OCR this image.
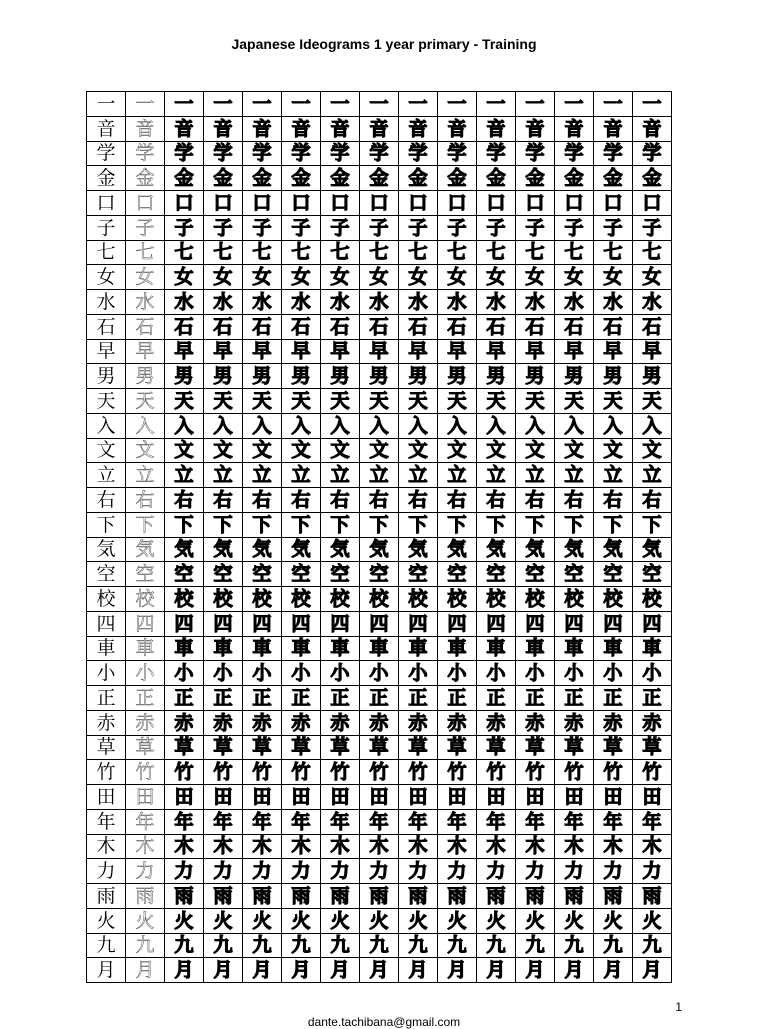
Japanese Ideograms 1 year primary - Training
一	一	一	一	一	一	一	一	一	一	一	一	一	一	一
音	音	音	音	音	音	音	音	音	音	音	音	音	音	音
学	学	学	学	学	学	学	学	学	学	学	学	学	学	学
金	金	金	金	金	金	金	金	金	金	金	金	金	金	金
口	口	口	口	口	口	口	口	口	口	口	口	口	口	口
子	子	子	子	子	子	子	子	子	子	子	子	子	子	子
七	七	七	七	七	七	七	七	七	七	七	七	七	七	七
女	女	女	女	女	女	女	女	女	女	女	女	女	女	女
水	水	水	水	水	水	水	水	水	水	水	水	水	水	水
石	石	石	石	石	石	石	石	石	石	石	石	石	石	石
早	早	早	早	早	早	早	早	早	早	早	早	早	早	早
男	男	男	男	男	男	男	男	男	男	男	男	男	男	男
天	天	天	天	天	天	天	天	天	天	天	天	天	天	天
入	入	入	入	入	入	入	入	入	入	入	入	入	入	入
文	文	文	文	文	文	文	文	文	文	文	文	文	文	文
立	立	立	立	立	立	立	立	立	立	立	立	立	立	立
右	右	右	右	右	右	右	右	右	右	右	右	右	右	右
下	下	下	下	下	下	下	下	下	下	下	下	下	下	下
気	気	気	気	気	気	気	気	気	気	気	気	気	気	気
空	空	空	空	空	空	空	空	空	空	空	空	空	空	空
校	校	校	校	校	校	校	校	校	校	校	校	校	校	校
四	四	四	四	四	四	四	四	四	四	四	四	四	四	四
車	車	車	車	車	車	車	車	車	車	車	車	車	車	車
小	小	小	小	小	小	小	小	小	小	小	小	小	小	小
正	正	正	正	正	正	正	正	正	正	正	正	正	正	正
赤	赤	赤	赤	赤	赤	赤	赤	赤	赤	赤	赤	赤	赤	赤
草	草	草	草	草	草	草	草	草	草	草	草	草	草	草
竹	竹	竹	竹	竹	竹	竹	竹	竹	竹	竹	竹	竹	竹	竹
田	田	田	田	田	田	田	田	田	田	田	田	田	田	田
年	年	年	年	年	年	年	年	年	年	年	年	年	年	年
木	木	木	木	木	木	木	木	木	木	木	木	木	木	木
力	力	力	力	力	力	力	力	力	力	力	力	力	力	力
雨	雨	雨	雨	雨	雨	雨	雨	雨	雨	雨	雨	雨	雨	雨
火	火	火	火	火	火	火	火	火	火	火	火	火	火	火
九	九	九	九	九	九	九	九	九	九	九	九	九	九	九
月	月	月	月	月	月	月	月	月	月	月	月	月	月	月
1
dante.tachibana@gmail.com
